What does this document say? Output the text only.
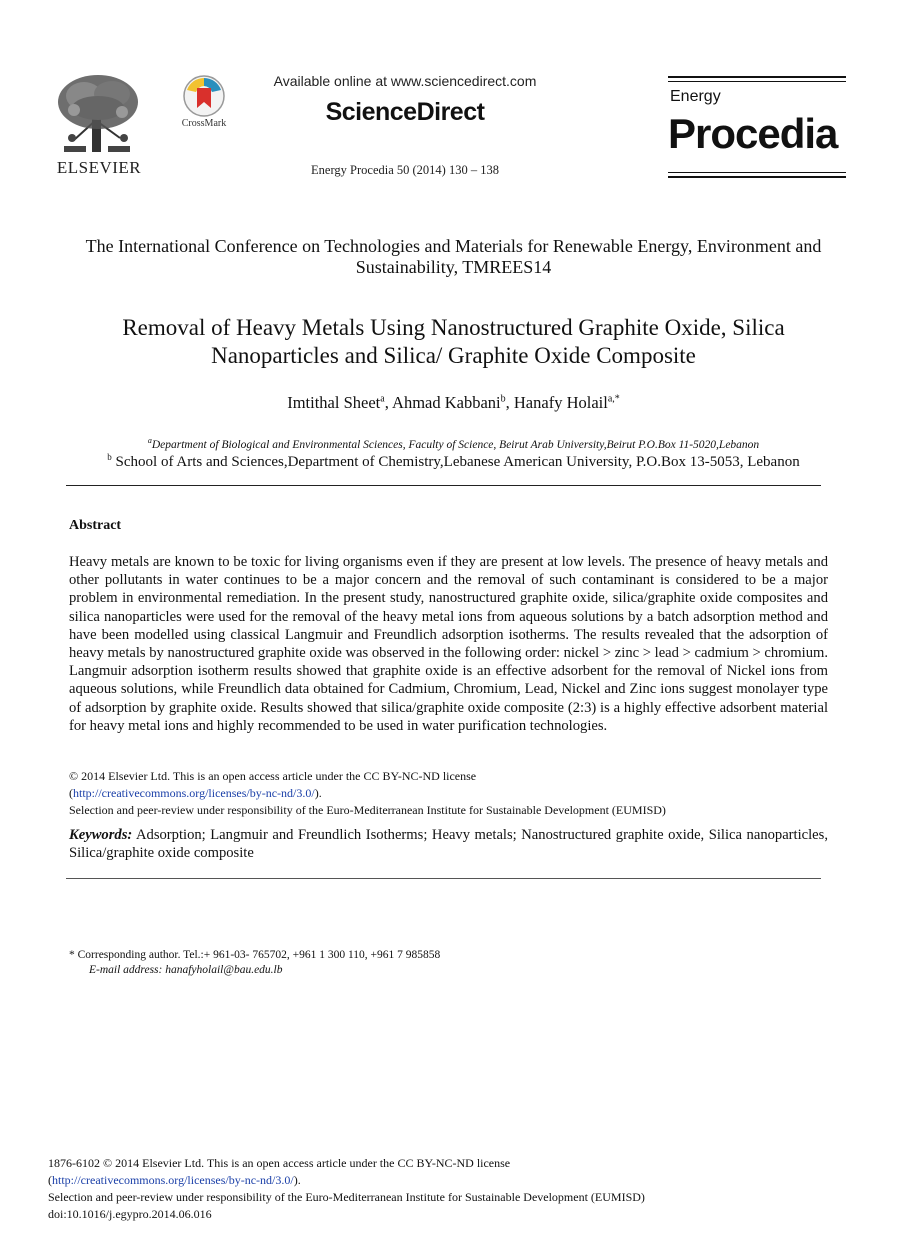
ELSEVIER
CrossMark
Available online at www.sciencedirect.com
ScienceDirect
Energy Procedia 50 (2014) 130 – 138
Energy
Procedia
The International Conference on Technologies and Materials for Renewable Energy, Environment and Sustainability, TMREES14
Removal of Heavy Metals Using Nanostructured Graphite Oxide, Silica
Nanoparticles and Silica/ Graphite Oxide Composite
Imtithal Sheet$^a$, Ahmad Kabbani$^b$, Hanafy Holail$^{a,*}$
$^a$Department of Biological and Environmental Sciences, Faculty of Science, Beirut Arab University,Beirut P.O.Box 11-5020,Lebanon
$^b$ School of Arts and Sciences,Department of Chemistry,Lebanese American University, P.O.Box 13-5053, Lebanon
Abstract
Heavy metals are known to be toxic for living organisms even if they are present at low levels. The presence of heavy metals and other pollutants in water continues to be a major concern and the removal of such contaminant is considered to be a major problem in environmental remediation. In the present study, nanostructured graphite oxide, silica/graphite oxide composites and silica nanoparticles were used for the removal of the heavy metal ions from aqueous solutions by a batch adsorption method and have been modelled using classical Langmuir and Freundlich adsorption isotherms. The results revealed that the adsorption of heavy metals by nanostructured graphite oxide was observed in the following order: nickel > zinc > lead > cadmium > chromium. Langmuir adsorption isotherm results showed that graphite oxide is an effective adsorbent for the removal of Nickel ions from aqueous solutions, while Freundlich data obtained for Cadmium, Chromium, Lead, Nickel and Zinc ions suggest monolayer type of adsorption by graphite oxide. Results showed that silica/graphite oxide composite (2:3) is a highly effective adsorbent material for heavy metal ions and highly recommended to be used in water purification technologies.
© 2014 Elsevier Ltd. This is an open access article under the CC BY-NC-ND license
(http://creativecommons.org/licenses/by-nc-nd/3.0/).
Selection and peer-review under responsibility of the Euro-Mediterranean Institute for Sustainable Development (EUMISD)
Keywords: Adsorption; Langmuir and Freundlich Isotherms; Heavy metals; Nanostructured graphite oxide, Silica nanoparticles, Silica/graphite oxide composite
* Corresponding author. Tel.:+ 961-03- 765702, +961 1 300 110, +961 7 985858
E-mail address: hanafyholail@bau.edu.lb
1876-6102 © 2014 Elsevier Ltd. This is an open access article under the CC BY-NC-ND license
(http://creativecommons.org/licenses/by-nc-nd/3.0/).
Selection and peer-review under responsibility of the Euro-Mediterranean Institute for Sustainable Development (EUMISD)
doi:10.1016/j.egypro.2014.06.016
